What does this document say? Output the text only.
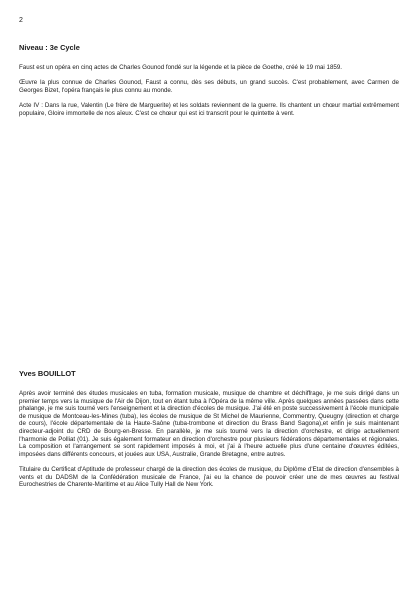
2
Niveau : 3e Cycle

Faust est un opéra en cinq actes de Charles Gounod fondé sur la légende et la pièce de Goethe, créé le 19 mai 1859.

Œuvre la plus connue de Charles Gounod, Faust a connu, dès ses débuts, un grand succès. C'est probablement, avec Carmen de Georges Bizet, l'opéra français le plus connu au monde.

Acte IV : Dans la rue, Valentin (Le frère de Marguerite) et les soldats reviennent de la guerre. Ils chantent un chœur martial extrêmement populaire, Gloire immortelle de nos aïeux. C'est ce chœur qui est ici transcrit pour le quintette à vent.

Yves BOUILLOT

Après avoir terminé des études musicales en tuba, formation musicale, musique de chambre et déchiffrage, je me suis dirigé dans un premier temps vers la musique de l'Air de Dijon, tout en étant tuba à l'Opéra de la même ville. Après quelques années passées dans cette phalange, je me suis tourné vers l'enseignement et la direction d'écoles de musique. J'ai été en poste successivement à l'école municipale de musique de Montceau-les-Mines (tuba), les écoles de musique de St Michel de Maurienne, Commentry, Queugny (direction et charge de cours), l'école départementale de la Haute-Saône (tuba-trombone et direction du Brass Band Sagona),et enfin je suis maintenant directeur-adjoint du CRD de Bourg-en-Bresse. En parallèle, je me suis tourné vers la direction d'orchestre, et dirige actuellement l'harmonie de Polliat (01). Je suis également formateur en direction d'orchestre pour plusieurs fédérations départementales et régionales. La composition et l'arrangement se sont rapidement imposés à moi, et j'ai à l'heure actuelle plus d'une centaine d'œuvres éditées, imposées dans différents concours, et jouées aux USA, Australie, Grande Bretagne, entre autres.

Titulaire du Certificat d'Aptitude de professeur chargé de la direction des écoles de musique, du Diplôme d'Etat de direction d'ensembles à vents et du DADSM de la Confédération musicale de France, j'ai eu la chance de pouvoir créer une de mes œuvres au festival Eurochestries de Charente-Maritime et au Alice Tully Hall de New York.
